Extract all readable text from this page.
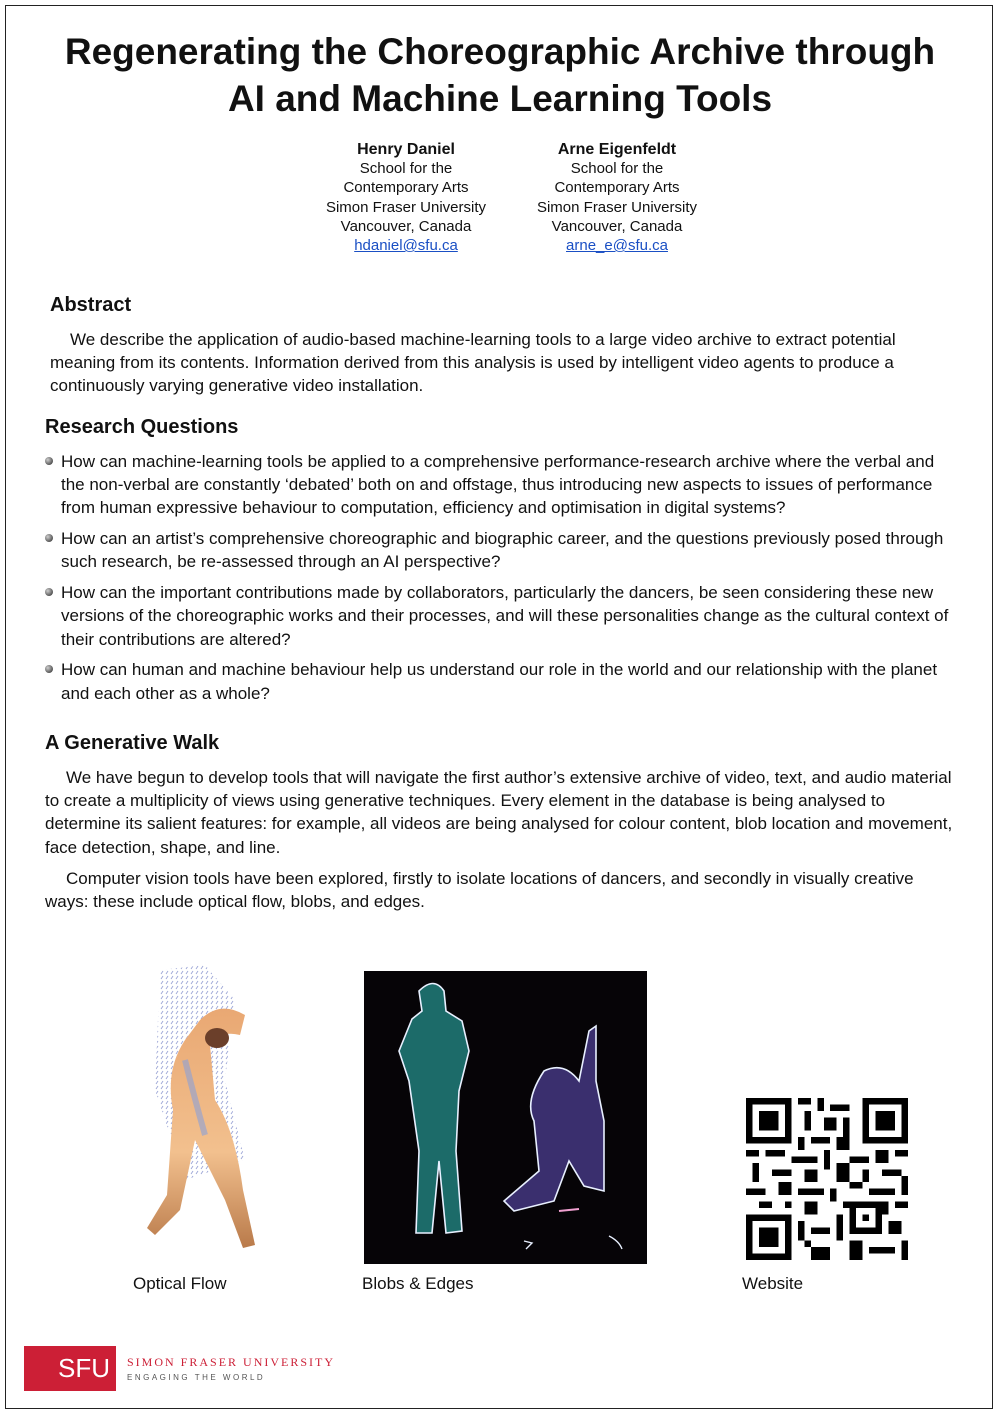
Regenerating the Choreographic Archive through
AI and Machine Learning Tools
Henry Daniel
School for the
Contemporary Arts
Simon Fraser University
Vancouver, Canada
hdaniel@sfu.ca
Arne Eigenfeldt
School for the
Contemporary Arts
Simon Fraser University
Vancouver, Canada
arne_e@sfu.ca
Abstract

We describe the application of audio-based machine-learning tools to a large video archive to extract potential meaning from its contents. Information derived from this analysis is used by intelligent video agents to produce a continuously varying generative video installation.

Research Questions
How can machine-learning tools be applied to a comprehensive performance-research archive where the verbal and the non-verbal are constantly ‘debated’ both on and offstage, thus introducing new aspects to issues of performance from human expressive behaviour to computation, efficiency and optimisation in digital systems?
How can an artist’s comprehensive choreographic and biographic career, and the questions previously posed through such research, be re-assessed through an AI perspective?
How can the important contributions made by collaborators, particularly the dancers, be seen considering these new versions of the choreographic works and their processes, and will these personalities change as the cultural context of their contributions are altered?
How can human and machine behaviour help us understand our role in the world and our relationship with the planet and each other as a whole?
A Generative Walk

We have begun to develop tools that will navigate the first author’s extensive archive of video, text, and audio material to create a multiplicity of views using generative techniques. Every element in the database is being analysed to determine its salient features: for example, all videos are being analysed for colour content, blob location and movement, face detection, shape, and line.

Computer vision tools have been explored, firstly to isolate locations of dancers, and secondly in visually creative ways: these include optical flow, blobs, and edges.

Optical Flow	Blobs & Edges	Website
SFU	SIMON FRASER UNIVERSITY
ENGAGING THE WORLD
